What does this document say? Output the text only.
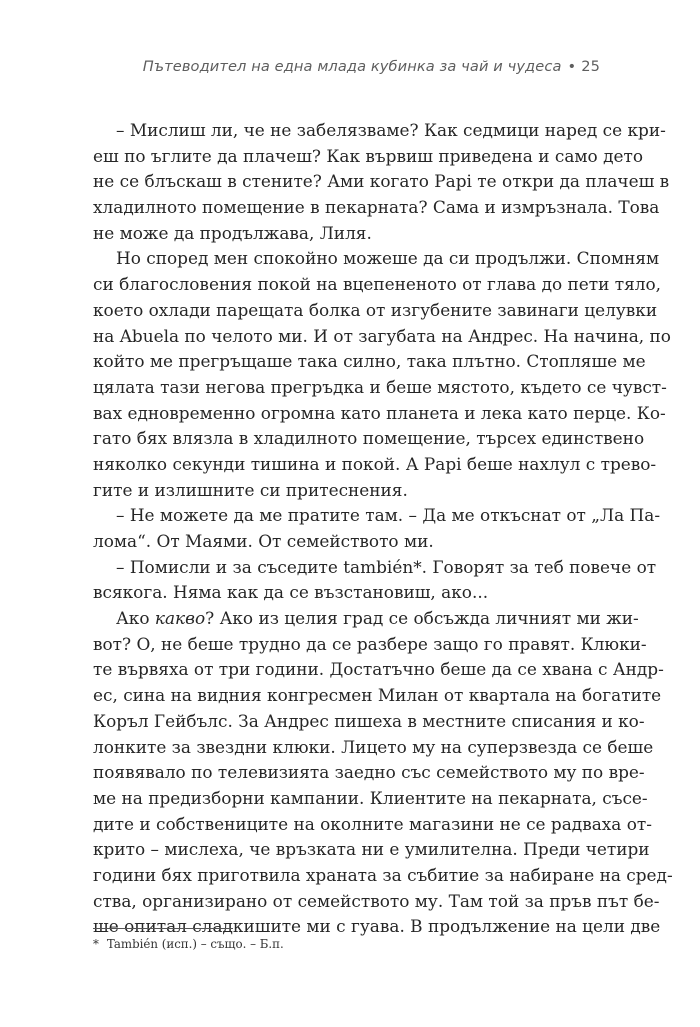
Пътеводител на една млада кубинка за чай и чудеса • 25
– Мислиш ли, че не забелязваме? Как седмици наред се кри-
еш по ъглите да плачеш? Как вървиш приведена и само дето
не се блъскаш в стените? Ами когато Рарі те откри да плачеш в
хладилното помещение в пекарната? Сама и измръзнала. Това
не може да продължава, Лиля.
Но според мен спокойно можеше да си продължи. Спомням
си благословения покой на вцепененото от глава до пети тяло,
което охлади парещата болка от изгубените завинаги целувки
на Abuela по челото ми. И от загубата на Андрес. На начина, по
който ме прегръщаше така силно, така плътно. Стопляше ме
цялата тази негова прегръдка и беше мястото, където се чувст-
вах едновременно огромна като планета и лека като перце. Ко-
гато бях влязла в хладилното помещение, търсех единствено
няколко секунди тишина и покой. А Рарі беше нахлул с трево-
гите и излишните си притеснения.
– Не можете да ме пратите там. – Да ме откъснат от „Ла Па-
лома“. От Маями. От семейството ми.
– Помисли и за съседите también*. Говорят за теб повече от
всякога. Няма как да се възстановиш, ако...
Ако какво? Ако из целия град се обсъжда личният ми жи-
вот? О, не беше трудно да се разбере защо го правят. Клюки-
те вървяха от три години. Достатъчно беше да се хвана с Андр-
ес, сина на видния конгресмен Милан от квартала на богатите
Коръл Гейбълс. За Андрес пишеха в местните списания и ко-
лонките за звездни клюки. Лицето му на суперзвезда се беше
появявало по телевизията заедно със семейството му по вре-
ме на предизборни кампании. Клиентите на пекарната, съсе-
дите и собствениците на околните магазини не се радваха от-
крито – мислеха, че връзката ни е умилителна. Преди четири
години бях приготвила храната за събитие за набиране на сред-
ства, организирано от семейството му. Там той за пръв път бе-
ше опитал сладкишите ми с гуава. В продължение на цели две
* También (исп.) – също. – Б.п.
